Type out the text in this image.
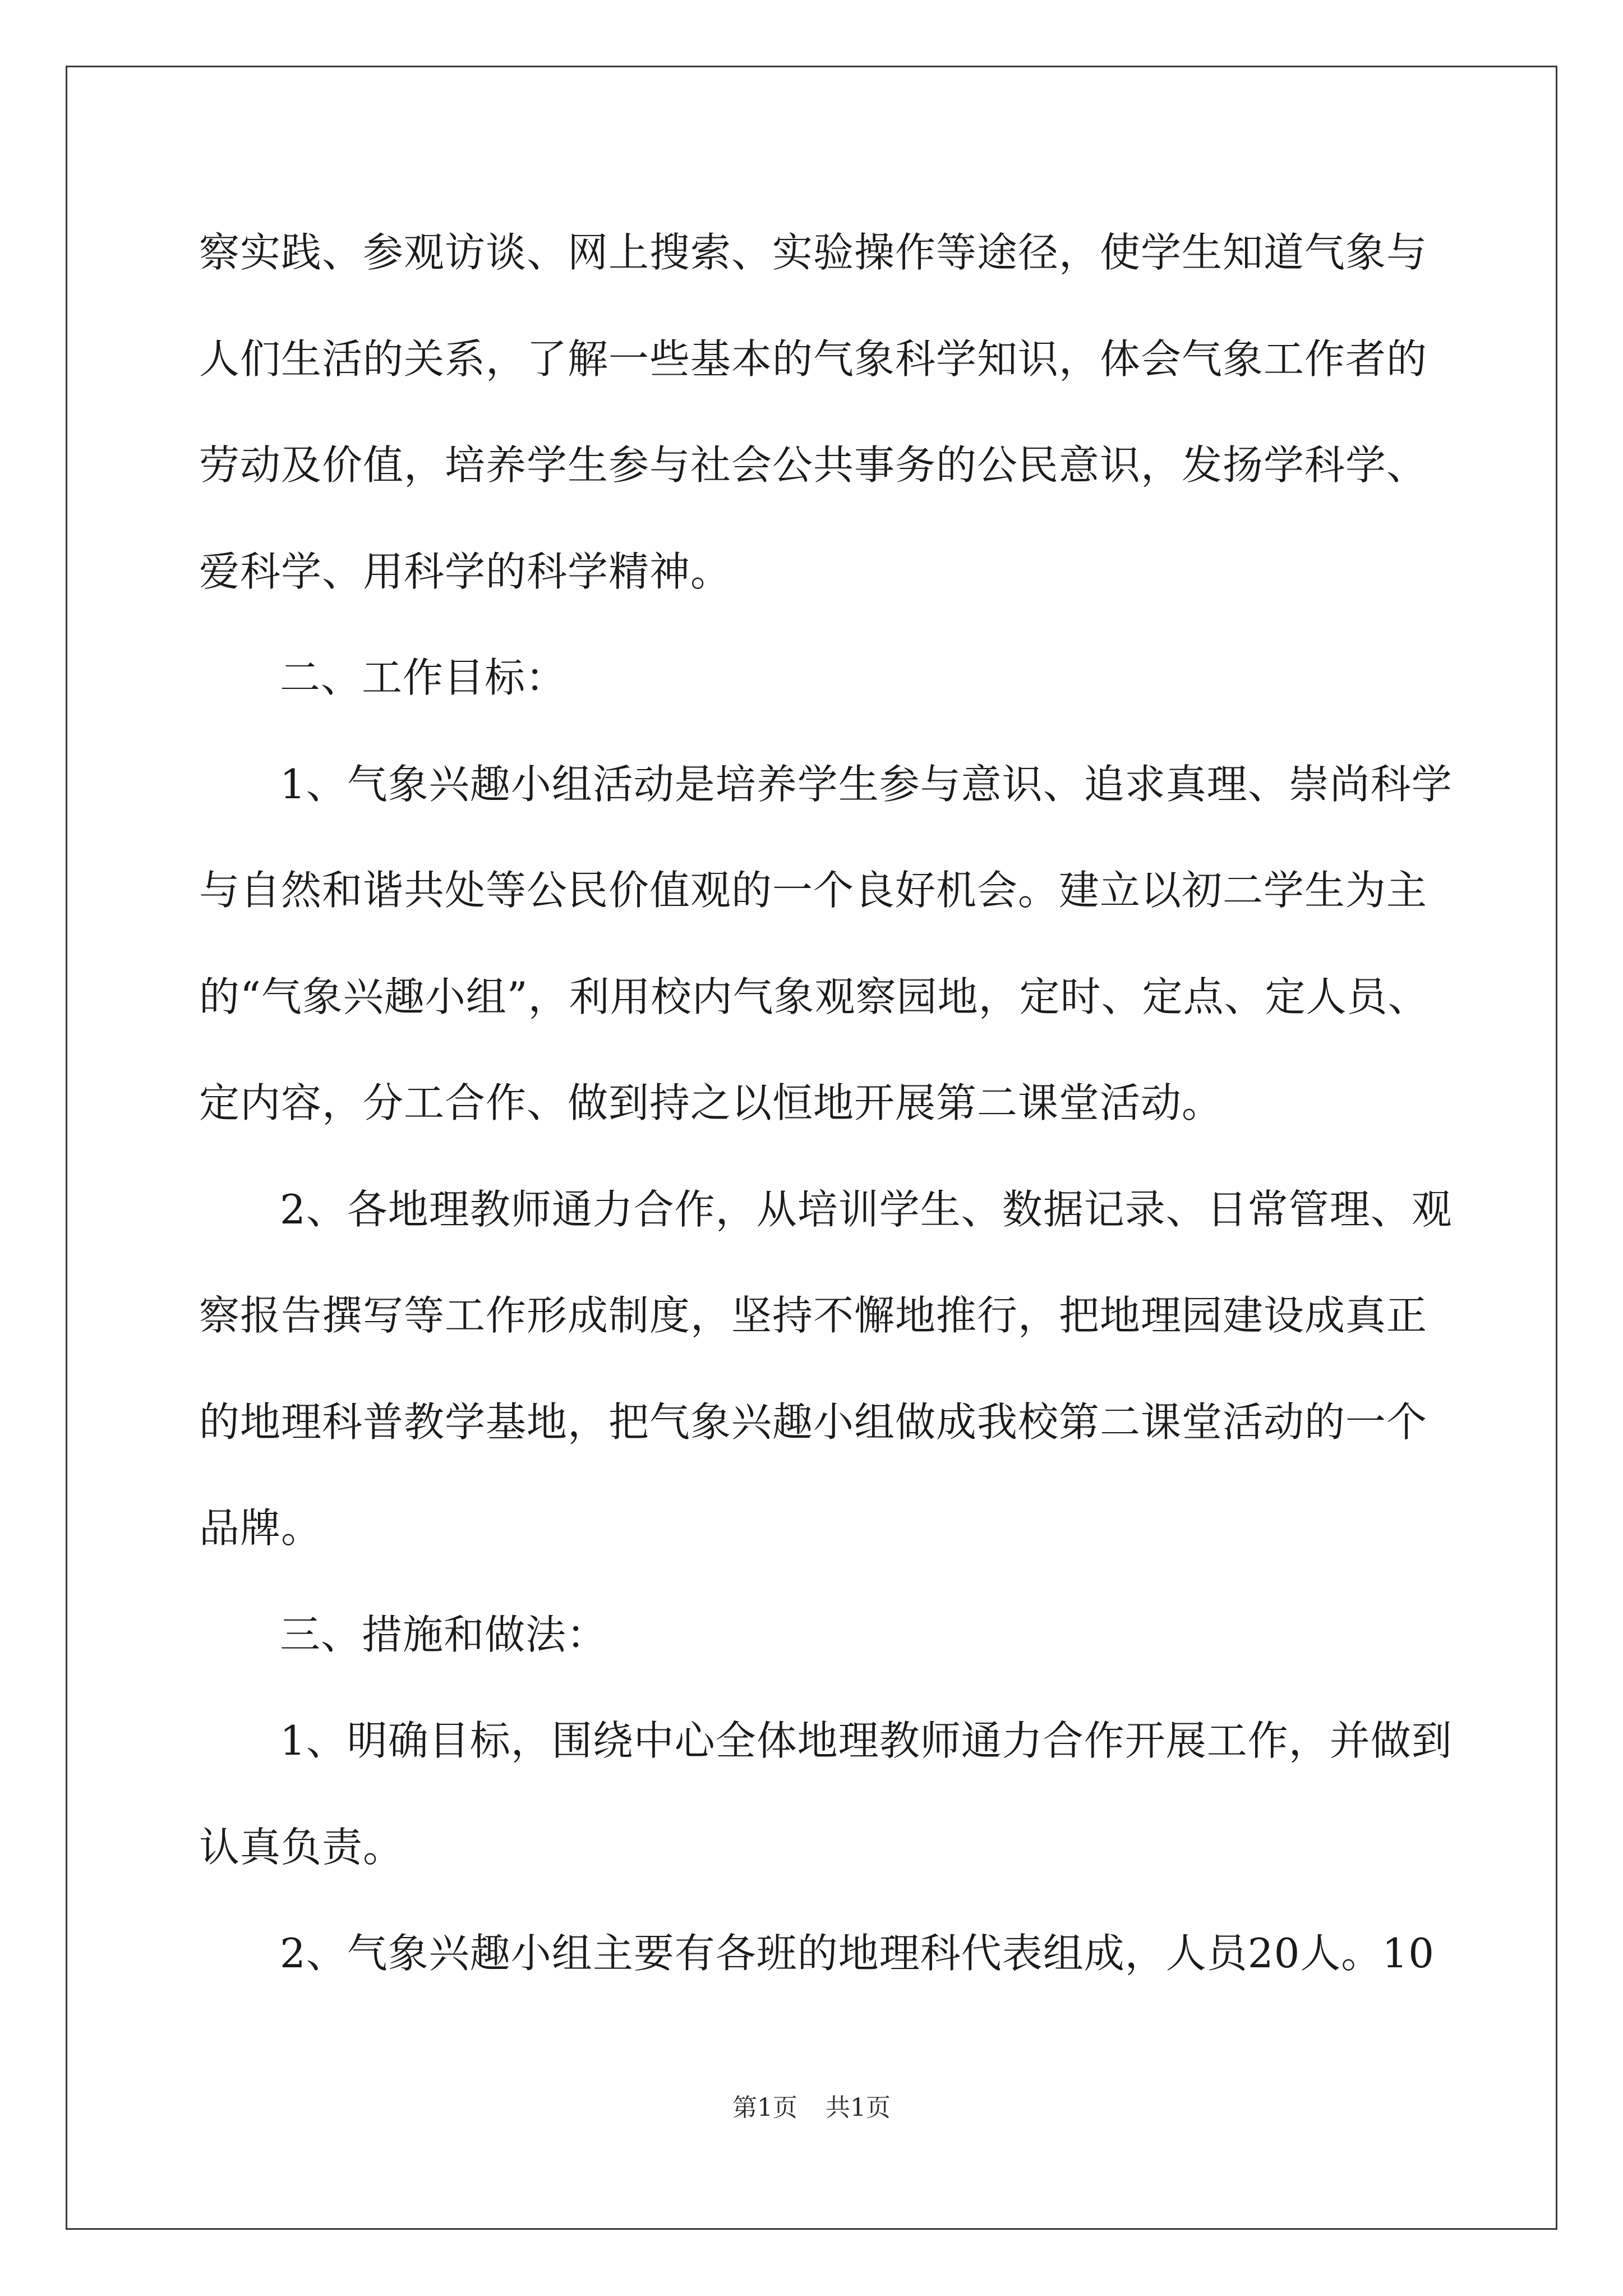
察实践、参观访谈、网上搜索、实验操作等途径，使学生知道气象与
人们生活的关系，了解一些基本的气象科学知识，体会气象工作者的
劳动及价值，培养学生参与社会公共事务的公民意识，发扬学科学、
爱科学、用科学的科学精神。
二、工作目标：
1、气象兴趣小组活动是培养学生参与意识、追求真理、崇尚科学
与自然和谐共处等公民价值观的一个良好机会。建立以初二学生为主
的“气象兴趣小组”，利用校内气象观察园地，定时、定点、定人员、
定内容，分工合作、做到持之以恒地开展第二课堂活动。
2、各地理教师通力合作，从培训学生、数据记录、日常管理、观
察报告撰写等工作形成制度，坚持不懈地推行，把地理园建设成真正
的地理科普教学基地，把气象兴趣小组做成我校第二课堂活动的一个
品牌。
三、措施和做法：
1、明确目标，围绕中心全体地理教师通力合作开展工作，并做到
认真负责。
2、气象兴趣小组主要有各班的地理科代表组成，人员20人。10
第1页 共1页
